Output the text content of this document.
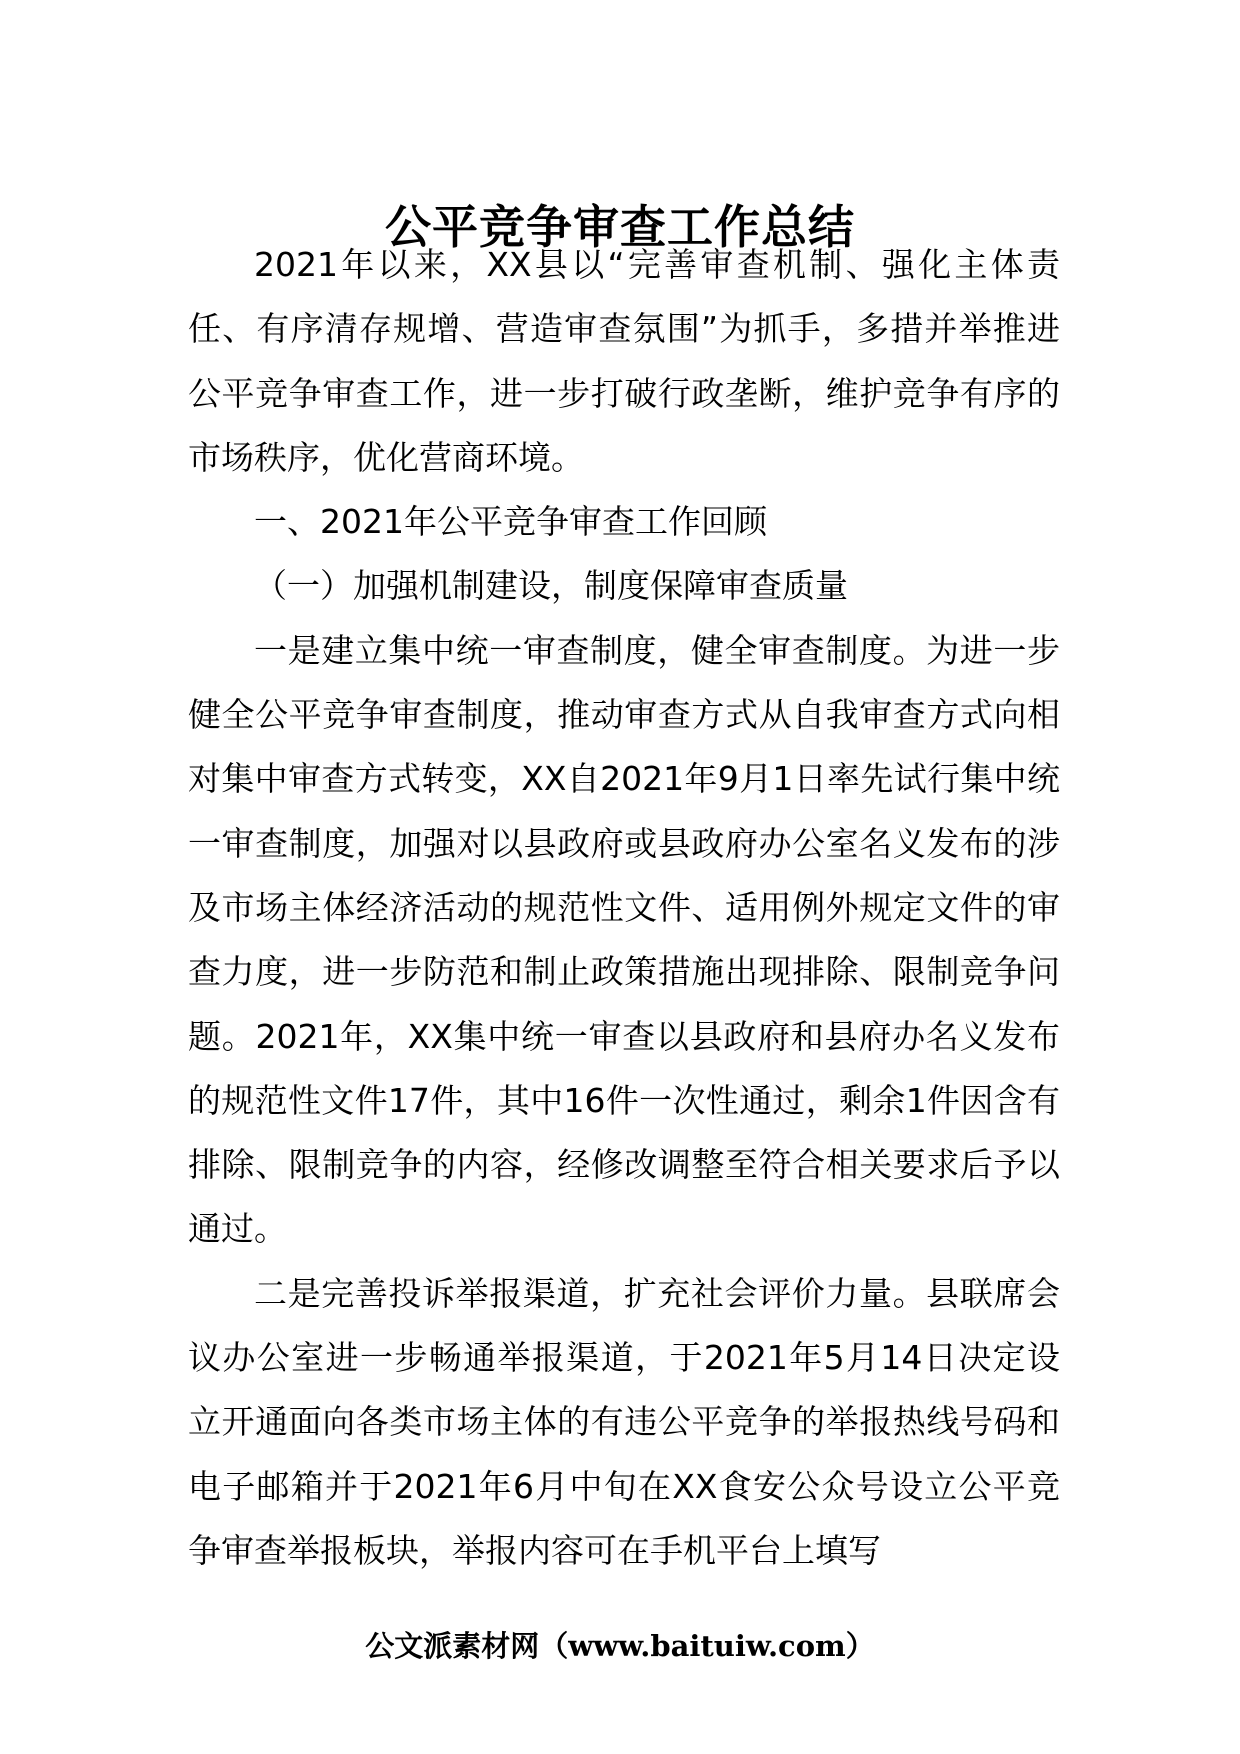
公平竞争审查工作总结

2021年以来，XX县以“完善审查机制、强化主体责任、有序清存规增、营造审查氛围”为抓手，多措并举推进公平竞争审查工作，进一步打破行政垄断，维护竞争有序的市场秩序，优化营商环境。

一、2021年公平竞争审查工作回顾

（一）加强机制建设，制度保障审查质量

一是建立集中统一审查制度，健全审查制度。为进一步健全公平竞争审查制度，推动审查方式从自我审查方式向相对集中审查方式转变，XX自2021年9月1日率先试行集中统一审查制度，加强对以县政府或县政府办公室名义发布的涉及市场主体经济活动的规范性文件、适用例外规定文件的审查力度，进一步防范和制止政策措施出现排除、限制竞争问题。2021年，XX集中统一审查以县政府和县府办名义发布的规范性文件17件，其中16件一次性通过，剩余1件因含有排除、限制竞争的内容，经修改调整至符合相关要求后予以通过。

二是完善投诉举报渠道，扩充社会评价力量。县联席会议办公室进一步畅通举报渠道，于2021年5月14日决定设立开通面向各类市场主体的有违公平竞争的举报热线号码和电子邮箱并于2021年6月中旬在XX食安公众号设立公平竞争审查举报板块，举报内容可在手机平台上填写

公文派素材网（www.baituiw.com）
